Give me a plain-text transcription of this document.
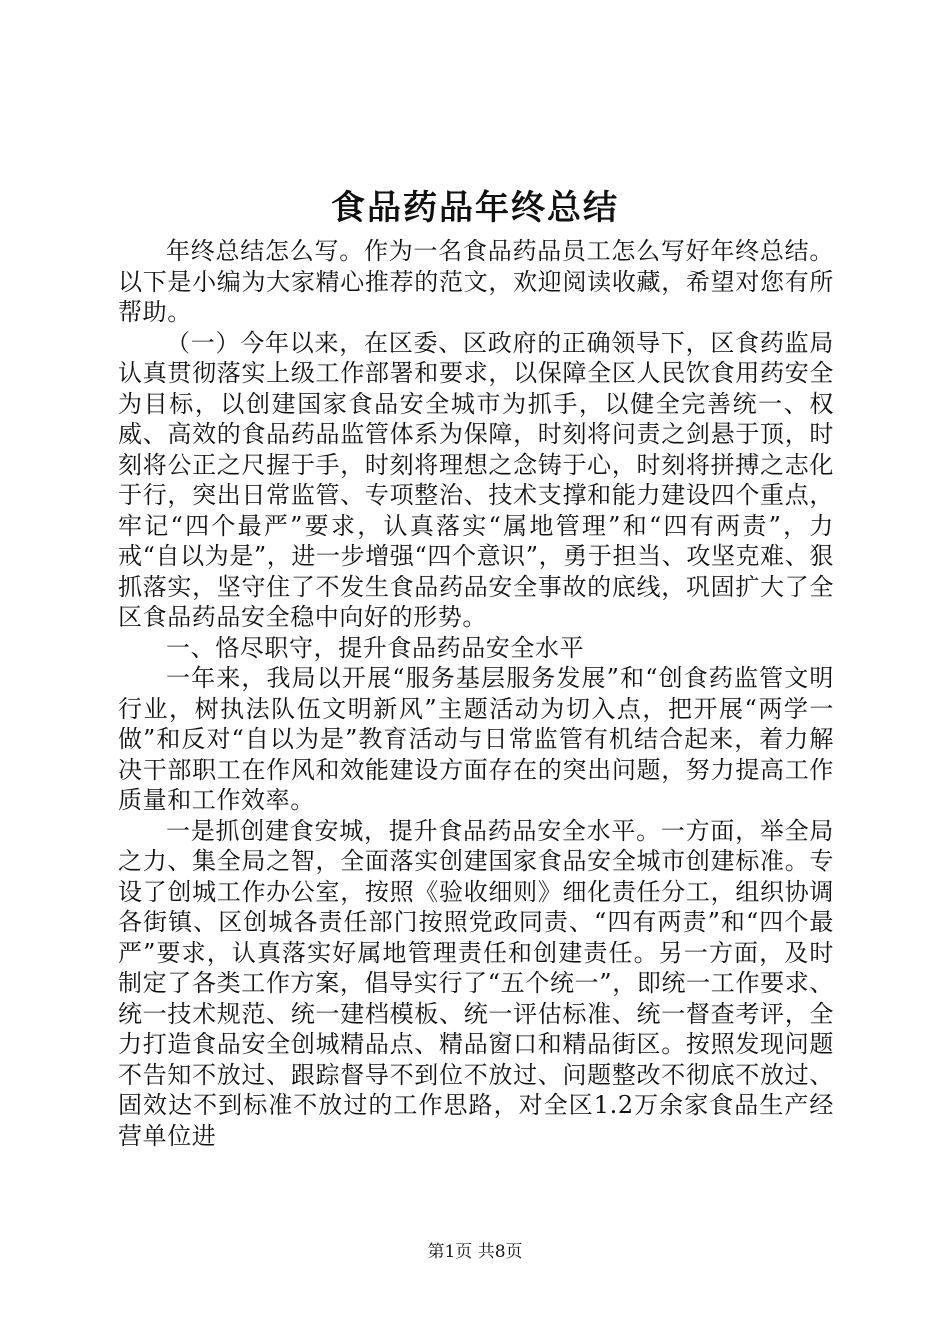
食品药品年终总结

年终总结怎么写。作为一名食品药品员工怎么写好年终总结。以下是小编为大家精心推荐的范文，欢迎阅读收藏，希望对您有所帮助。

（一）今年以来，在区委、区政府的正确领导下，区食药监局认真贯彻落实上级工作部署和要求，以保障全区人民饮食用药安全为目标，以创建国家食品安全城市为抓手，以健全完善统一、权威、高效的食品药品监管体系为保障，时刻将问责之剑悬于顶，时刻将公正之尺握于手，时刻将理想之念铸于心，时刻将拼搏之志化于行，突出日常监管、专项整治、技术支撑和能力建设四个重点，牢记“四个最严”要求，认真落实“属地管理”和“四有两责”，力戒“自以为是”，进一步增强“四个意识”，勇于担当、攻坚克难、狠抓落实，坚守住了不发生食品药品安全事故的底线，巩固扩大了全区食品药品安全稳中向好的形势。

一、恪尽职守，提升食品药品安全水平

一年来，我局以开展“服务基层服务发展”和“创食药监管文明行业，树执法队伍文明新风”主题活动为切入点，把开展“两学一做”和反对“自以为是”教育活动与日常监管有机结合起来，着力解决干部职工在作风和效能建设方面存在的突出问题，努力提高工作质量和工作效率。

一是抓创建食安城，提升食品药品安全水平。一方面，举全局之力、集全局之智，全面落实创建国家食品安全城市创建标准。专设了创城工作办公室，按照《验收细则》细化责任分工，组织协调各街镇、区创城各责任部门按照党政同责、“四有两责”和“四个最严”要求，认真落实好属地管理责任和创建责任。另一方面，及时制定了各类工作方案，倡导实行了“五个统一”，即统一工作要求、统一技术规范、统一建档模板、统一评估标准、统一督查考评，全力打造食品安全创城精品点、精品窗口和精品街区。按照发现问题不告知不放过、跟踪督导不到位不放过、问题整改不彻底不放过、固效达不到标准不放过的工作思路，对全区1.2万余家食品生产经营单位进

第1页 共8页
